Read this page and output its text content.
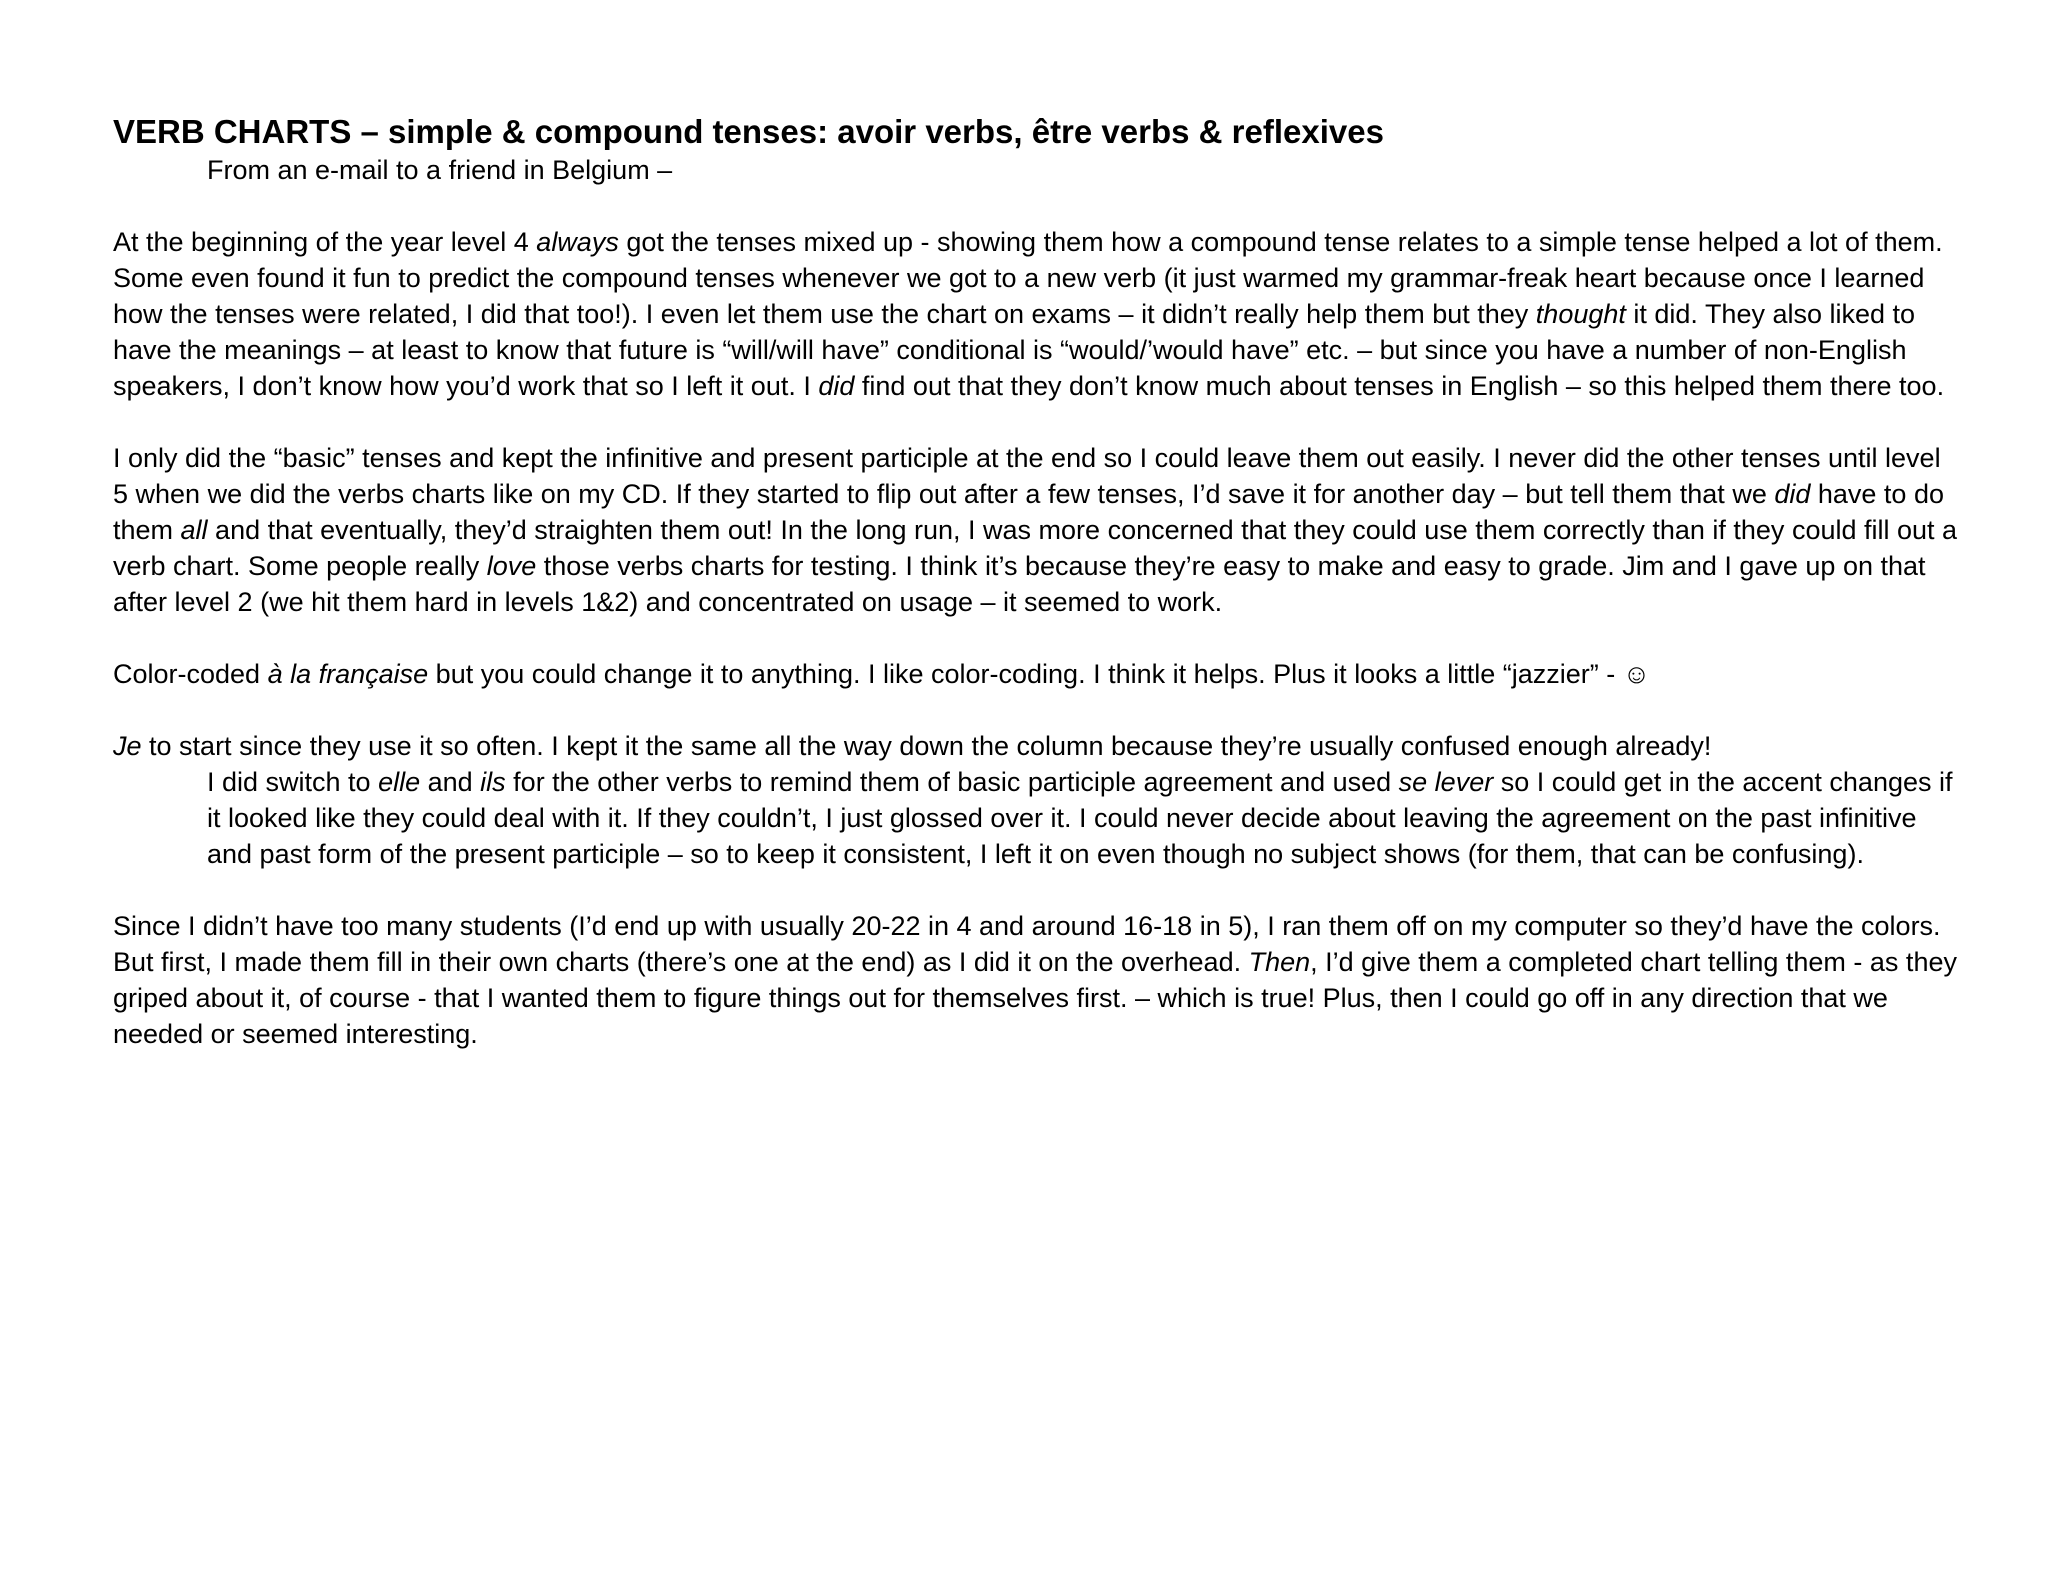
VERB CHARTS – simple & compound tenses: avoir verbs, être verbs & reflexives

From an e-mail to a friend in Belgium –

At the beginning of the year level 4 always got the tenses mixed up - showing them how a compound tense relates to a simple tense helped a lot of them. Some even found it fun to predict the compound tenses whenever we got to a new verb (it just warmed my grammar-freak heart because once I learned how the tenses were related, I did that too!). I even let them use the chart on exams – it didn’t really help them but they thought it did. They also liked to have the meanings – at least to know that future is “will/will have” conditional is “would/’would have” etc. – but since you have a number of non-English speakers, I don’t know how you’d work that so I left it out. I did find out that they don’t know much about tenses in English – so this helped them there too.

I only did the “basic” tenses and kept the infinitive and present participle at the end so I could leave them out easily. I never did the other tenses until level 5 when we did the verbs charts like on my CD. If they started to flip out after a few tenses, I’d save it for another day – but tell them that we did have to do them all and that eventually, they’d straighten them out! In the long run, I was more concerned that they could use them correctly than if they could fill out a verb chart. Some people really love those verbs charts for testing. I think it’s because they’re easy to make and easy to grade. Jim and I gave up on that after level 2 (we hit them hard in levels 1&2) and concentrated on usage – it seemed to work.

Color-coded à la française but you could change it to anything. I like color-coding. I think it helps. Plus it looks a little “jazzier” - ☺

Je to start since they use it so often. I kept it the same all the way down the column because they’re usually confused enough already!

I did switch to elle and ils for the other verbs to remind them of basic participle agreement and used se lever so I could get in the accent changes if it looked like they could deal with it. If they couldn’t, I just glossed over it. I could never decide about leaving the agreement on the past infinitive and past form of the present participle – so to keep it consistent, I left it on even though no subject shows (for them, that can be confusing).

Since I didn’t have too many students (I’d end up with usually 20-22 in 4 and around 16-18 in 5), I ran them off on my computer so they’d have the colors. But first, I made them fill in their own charts (there’s one at the end) as I did it on the overhead. Then, I’d give them a completed chart telling them - as they griped about it, of course - that I wanted them to figure things out for themselves first. – which is true! Plus, then I could go off in any direction that we needed or seemed interesting.
